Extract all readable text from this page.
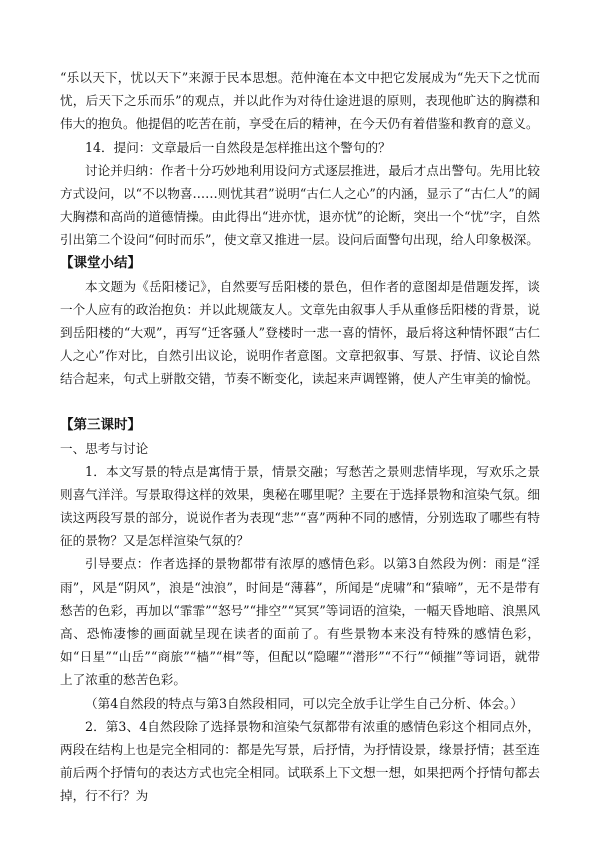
“乐以天下，忧以天下”来源于民本思想。范仲淹在本文中把它发展成为“先天下之忧而忧，后天下之乐而乐”的观点，并以此作为对待仕途进退的原则，表现他旷达的胸襟和伟大的抱负。他提倡的吃苦在前，享受在后的精神，在今天仍有着借鉴和教育的意义。

14．提问：文章最后一自然段是怎样推出这个警句的？

讨论并归纳：作者十分巧妙地利用设问方式逐层推进，最后才点出警句。先用比较方式设问，以“不以物喜……则忧其君”说明“古仁人之心”的内涵，显示了“古仁人”的阔大胸襟和高尚的道德情操。由此得出“进亦忧，退亦忧”的论断，突出一个“忧”字，自然引出第二个设问“何时而乐”，使文章又推进一层。设问后面警句出现，给人印象极深。

【课堂小结】

本文题为《岳阳楼记》，自然要写岳阳楼的景色，但作者的意图却是借题发挥，谈一个人应有的政治抱负：并以此规箴友人。文章先由叙事人手从重修岳阳楼的背景，说到岳阳楼的“大观”，再写“迁客骚人”登楼时一悲一喜的情怀，最后将这种情怀跟“古仁人之心”作对比，自然引出议论，说明作者意图。文章把叙事、写景、抒情、议论自然结合起来，句式上骈散交错，节奏不断变化，读起来声调铿锵，使人产生审美的愉悦。

【第三课时】

一、思考与讨论

1．本文写景的特点是寓情于景，情景交融；写愁苦之景则悲情毕现，写欢乐之景则喜气洋洋。写景取得这样的效果，奥秘在哪里呢？主要在于选择景物和渲染气氛。细读这两段写景的部分，说说作者为表现“悲”“喜”两种不同的感情，分别选取了哪些有特征的景物？又是怎样渲染气氛的？

引导要点：作者选择的景物都带有浓厚的感情色彩。以第3自然段为例：雨是“淫雨”，风是“阴风”，浪是“浊浪”，时间是“薄暮”，所闻是“虎啸”和“猿啼”，无不是带有愁苦的色彩，再加以“霏霏”“怒号”“排空”“冥冥”等词语的渲染，一幅天昏地暗、浪黑风高、恐怖凄惨的画面就呈现在读者的面前了。有些景物本来没有特殊的感情色彩，如“日星”“山岳”“商旅”“樯”“楫”等，但配以“隐曜”“潜形”“不行”“倾摧”等词语，就带上了浓重的愁苦色彩。

（第4自然段的特点与第3自然段相同，可以完全放手让学生自己分析、体会。）

2．第3、4自然段除了选择景物和渲染气氛都带有浓重的感情色彩这个相同点外，两段在结构上也是完全相同的：都是先写景，后抒情，为抒情设景，缘景抒情；甚至连前后两个抒情句的表达方式也完全相同。试联系上下文想一想，如果把两个抒情句都去掉，行不行？为
